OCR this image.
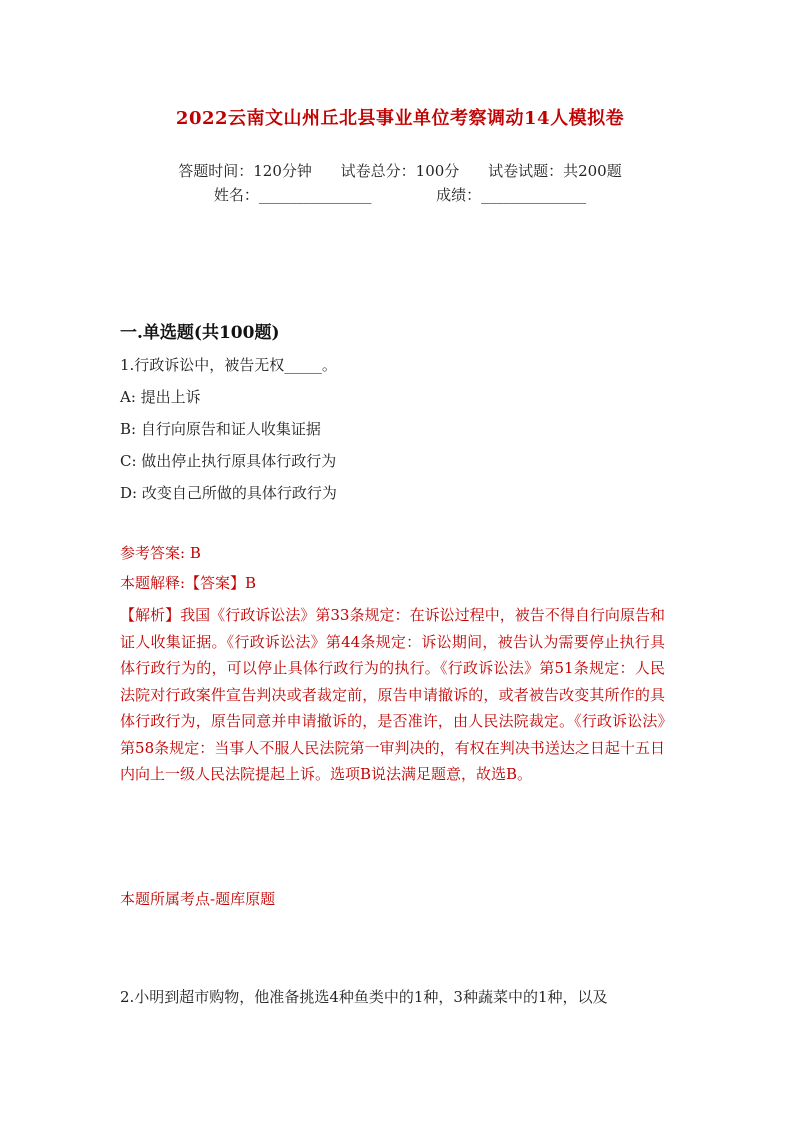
2022云南文山州丘北县事业单位考察调动14人模拟卷
答题时间：120分钟 试卷总分：100分 试卷试题：共200题
姓名：_______________	成绩：______________
一.单选题(共100题)
1.行政诉讼中，被告无权_____。
A: 提出上诉
B: 自行向原告和证人收集证据
C: 做出停止执行原具体行政行为
D: 改变自己所做的具体行政行为
参考答案: B
本题解释:【答案】B
【解析】我国《行政诉讼法》第33条规定：在诉讼过程中，被告不得自行向原告和证人收集证据。《行政诉讼法》第44条规定：诉讼期间，被告认为需要停止执行具体行政行为的，可以停止具体行政行为的执行。《行政诉讼法》第51条规定：人民法院对行政案件宣告判决或者裁定前，原告申请撤诉的，或者被告改变其所作的具体行政行为，原告同意并申请撤诉的，是否准许，由人民法院裁定。《行政诉讼法》第58条规定：当事人不服人民法院第一审判决的，有权在判决书送达之日起十五日内向上一级人民法院提起上诉。选项B说法满足题意，故选B。
本题所属考点-题库原题
2.小明到超市购物，他准备挑选4种鱼类中的1种，3种蔬菜中的1种，以及
